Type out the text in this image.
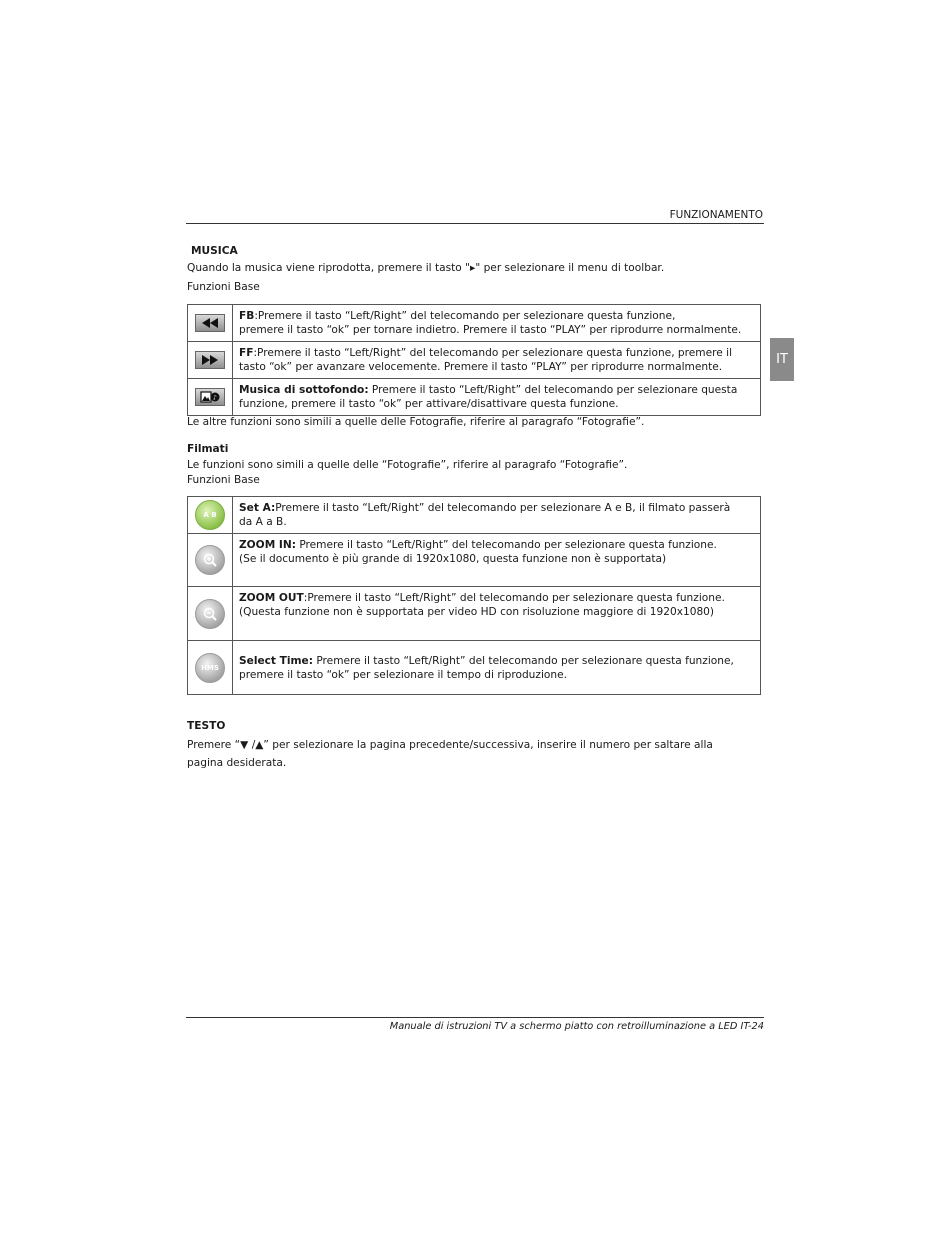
FUNZIONAMENTO
IT
MUSICA
Quando la musica viene riprodotta, premere il tasto "▸" per selezionare il menu di toolbar.
Funzioni Base
	FB:Premere il tasto “Left/Right” del telecomando per selezionare questa funzione,
premere il tasto “ok” per tornare indietro. Premere il tasto “PLAY” per riprodurre normalmente.

	FF:Premere il tasto “Left/Right” del telecomando per selezionare questa funzione, premere il
tasto “ok” per avanzare velocemente. Premere il tasto “PLAY” per riprodurre normalmente.

♪	Musica di sottofondo: Premere il tasto “Left/Right” del telecomando per selezionare questa
funzione, premere il tasto “ok” per attivare/disattivare questa funzione.
Le altre funzioni sono simili a quelle delle Fotografie, riferire al paragrafo “Fotografie”.
Filmati
Le funzioni sono simili a quelle delle “Fotografie”, riferire al paragrafo “Fotografie”.
Funzioni Base
A B	Set A:Premere il tasto “Left/Right” del telecomando per selezionare A e B, il filmato passerà
da A a B.

	ZOOM IN: Premere il tasto “Left/Right” del telecomando per selezionare questa funzione.
(Se il documento è più grande di 1920x1080, questa funzione non è supportata)

	ZOOM OUT:Premere il tasto “Left/Right” del telecomando per selezionare questa funzione.
(Questa funzione non è supportata per video HD con risoluzione maggiore di 1920x1080)

HMS	Select Time: Premere il tasto “Left/Right” del telecomando per selezionare questa funzione,
premere il tasto “ok” per selezionare il tempo di riproduzione.
TESTO
Premere “▼ /▲” per selezionare la pagina precedente/successiva, inserire il numero per saltare alla
pagina desiderata.
Manuale di istruzioni TV a schermo piatto con retroilluminazione a LED IT-24
